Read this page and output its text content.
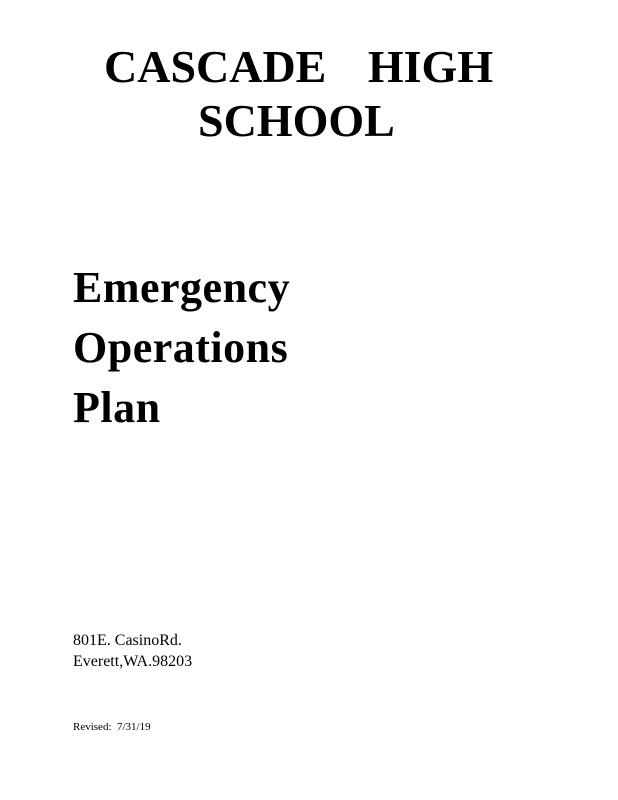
CASCADE HIGH
SCHOOL
Emergency
Operations
Plan
801E. CasinoRd.
Everett,WA.98203
Revised: 7/31/19
